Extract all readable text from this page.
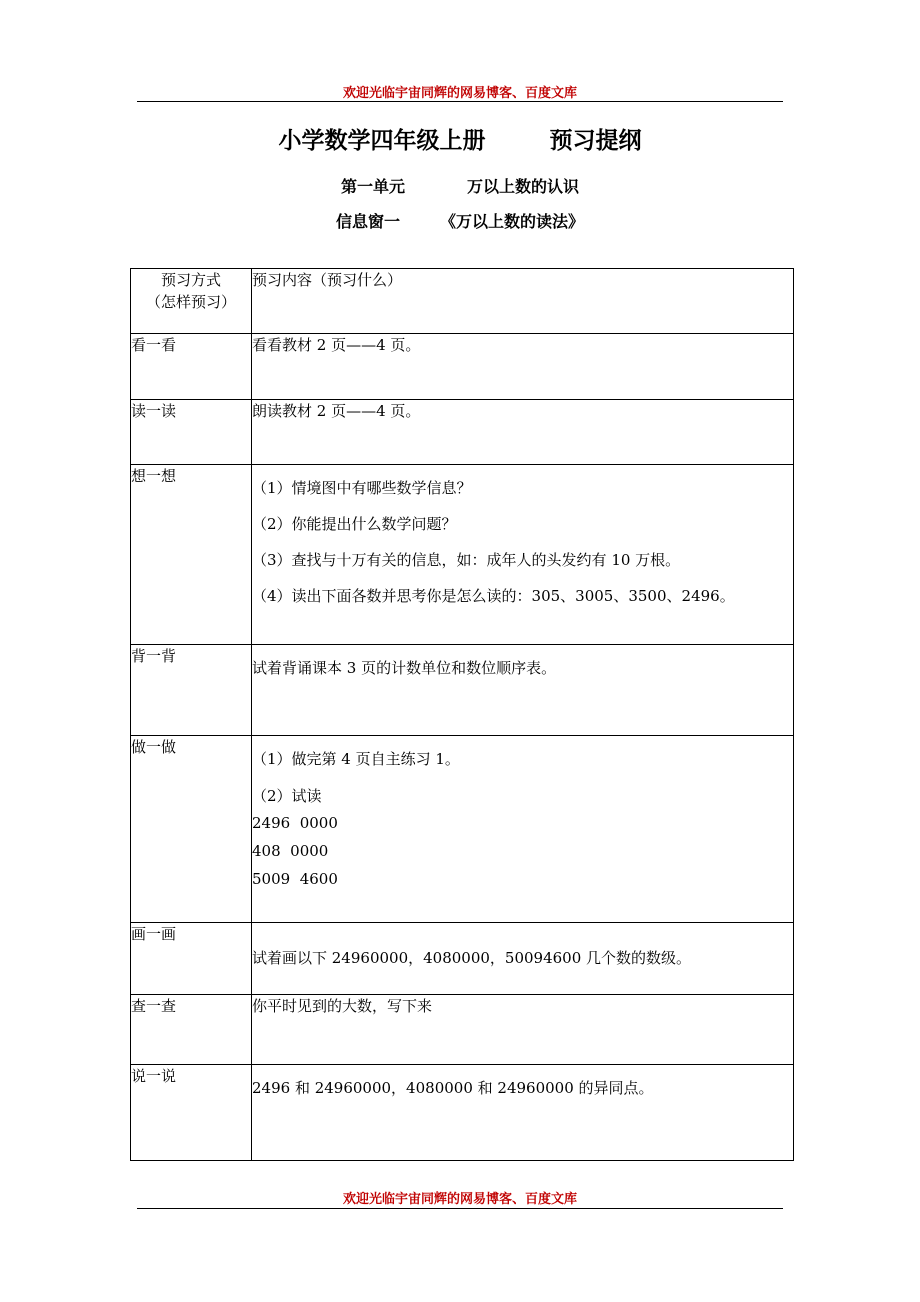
欢迎光临宇宙同辉的网易博客、百度文库
小学数学四年级上册	预习提纲
第一单元	万以上数的认识
信息窗一	《万以上数的读法》
预习方式
（怎样预习）	预习内容（预习什么）

看一看	看看教材 2 页——4 页。
读一读	朗读教材 2 页——4 页。
想一想	（1）情境图中有哪些数学信息？

（2）你能提出什么数学问题？

（3）查找与十万有关的信息，如：成年人的头发约有 10 万根。

（4）读出下面各数并思考你是怎么读的：305、3005、3500、2496。

背一背	试着背诵课本 3 页的计数单位和数位顺序表。
做一做	（1）做完第 4 页自主练习 1。

（2）试读

2496  0000

408  0000

5009  4600

画一画	试着画以下 24960000，4080000，50094600 几个数的数级。
查一查	你平时见到的大数，写下来
说一说	2496 和 24960000，4080000 和 24960000 的异同点。
欢迎光临宇宙同辉的网易博客、百度文库
